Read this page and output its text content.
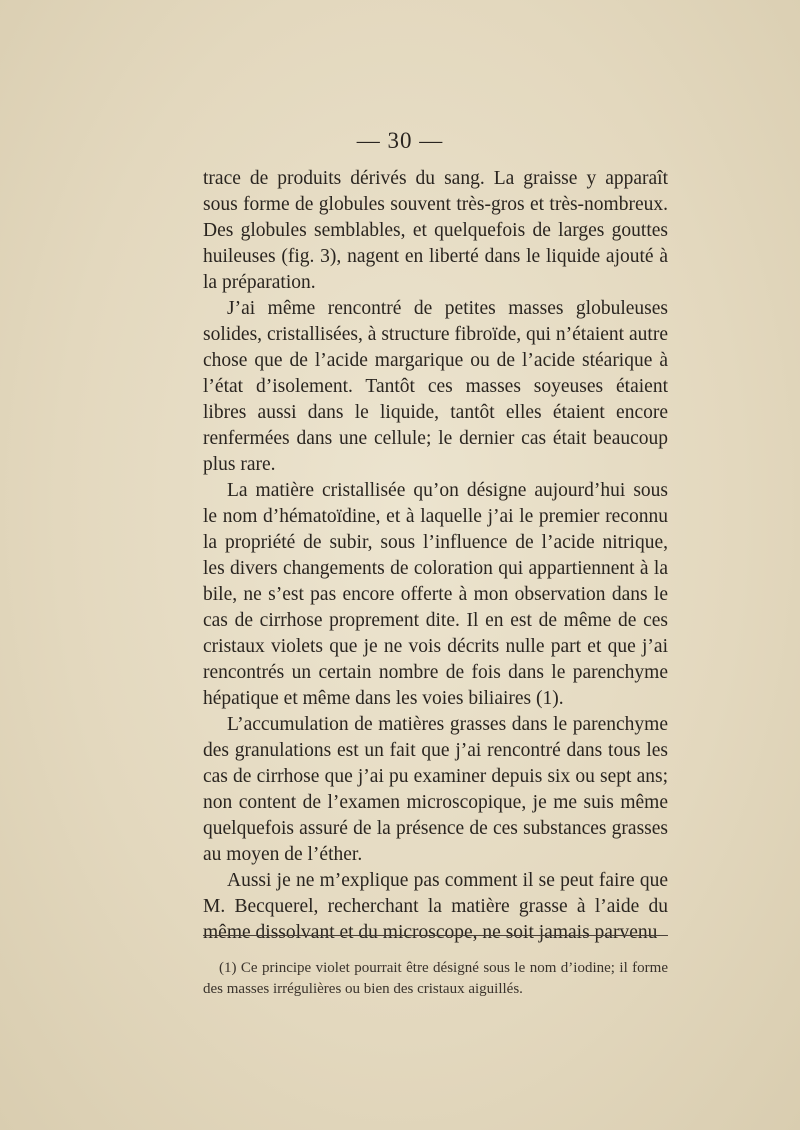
— 30 —

trace de produits dérivés du sang. La graisse y apparaît sous forme de globules souvent très-gros et très-nombreux. Des globules semblables, et quelquefois de larges gouttes huileuses (fig. 3), nagent en liberté dans le liquide ajouté à la préparation.

J’ai même rencontré de petites masses globuleuses solides, cristallisées, à structure fibroïde, qui n’étaient autre chose que de l’acide margarique ou de l’acide stéarique à l’état d’isolement. Tantôt ces masses soyeuses étaient libres aussi dans le liquide, tantôt elles étaient encore renfermées dans une cellule; le dernier cas était beaucoup plus rare.

La matière cristallisée qu’on désigne aujourd’hui sous le nom d’hématoïdine, et à laquelle j’ai le premier reconnu la propriété de subir, sous l’influence de l’acide nitrique, les divers changements de coloration qui appartiennent à la bile, ne s’est pas encore offerte à mon observation dans le cas de cirrhose proprement dite. Il en est de même de ces cristaux violets que je ne vois décrits nulle part et que j’ai rencontrés un certain nombre de fois dans le parenchyme hépatique et même dans les voies biliaires (1).

L’accumulation de matières grasses dans le parenchyme des granulations est un fait que j’ai rencontré dans tous les cas de cirrhose que j’ai pu examiner depuis six ou sept ans; non content de l’examen microscopique, je me suis même quelquefois assuré de la présence de ces substances grasses au moyen de l’éther.

Aussi je ne m’explique pas comment il se peut faire que M. Becquerel, recherchant la matière grasse à l’aide du même dissolvant et du microscope, ne soit jamais parvenu

(1) Ce principe violet pourrait être désigné sous le nom d’iodine; il forme des masses irrégulières ou bien des cristaux aiguillés.
